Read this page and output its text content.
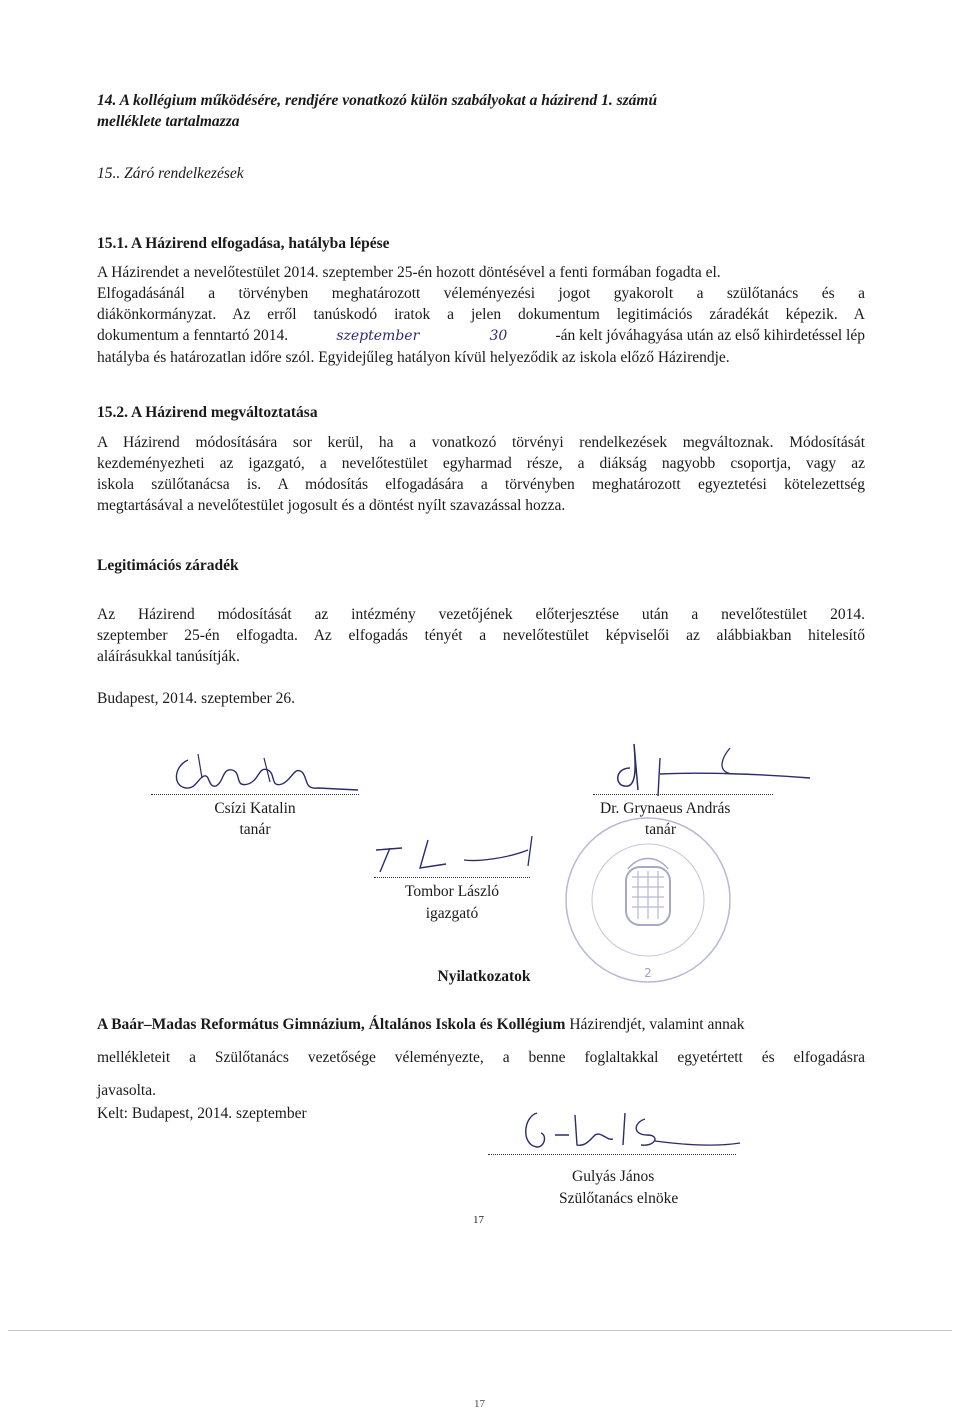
14. A kollégium működésére, rendjére vonatkozó külön szabályokat a házirend 1. számú
melléklete tartalmazza
15.. Záró rendelkezések
15.1. A Házirend elfogadása, hatályba lépése
A Házirendet a nevelőtestület 2014. szeptember 25-én hozott döntésével a fenti formában fogadta el.
Elfogadásánál a törvényben meghatározott véleményezési jogot gyakorolt a szülőtanács és a
diákönkormányzat. Az erről tanúskodó iratok a jelen dokumentum legitimációs záradékát képezik. A
dokumentum a fenntartó 2014.	szeptember	30	-án kelt jóváhagyása után az első kihirdetéssel lép
hatályba és határozatlan időre szól. Egyidejűleg hatályon kívül helyeződik az iskola előző Házirendje.
15.2. A Házirend megváltoztatása
A Házirend módosítására sor kerül, ha a vonatkozó törvényi rendelkezések megváltoznak. Módosítását
kezdeményezheti az igazgató, a nevelőtestület egyharmad része, a diákság nagyobb csoportja, vagy az
iskola szülőtanácsa is. A módosítás elfogadására a törvényben meghatározott egyeztetési kötelezettség
megtartásával a nevelőtestület jogosult és a döntést nyílt szavazással hozza.
Legitimációs záradék
Az Házirend módosítását az intézmény vezetőjének előterjesztése után a nevelőtestület 2014.
szeptember 25-én elfogadta. Az elfogadás tényét a nevelőtestület képviselői az alábbiakban hitelesítő
aláírásukkal tanúsítják.
Budapest, 2014. szeptember 26.
Csízi Katalin
tanár
Dr. Grynaeus András
tanár
2
Tombor László
igazgató
Nyilatkozatok
A Baár–Madas Református Gimnázium, Általános Iskola és Kollégium Házirendjét, valamint annak
mellékleteit a Szülőtanács vezetősége véleményezte, a benne foglaltakkal egyetértett és elfogadásra
javasolta.
Kelt: Budapest, 2014. szeptember
Gulyás János
Szülőtanács elnöke
17
17
